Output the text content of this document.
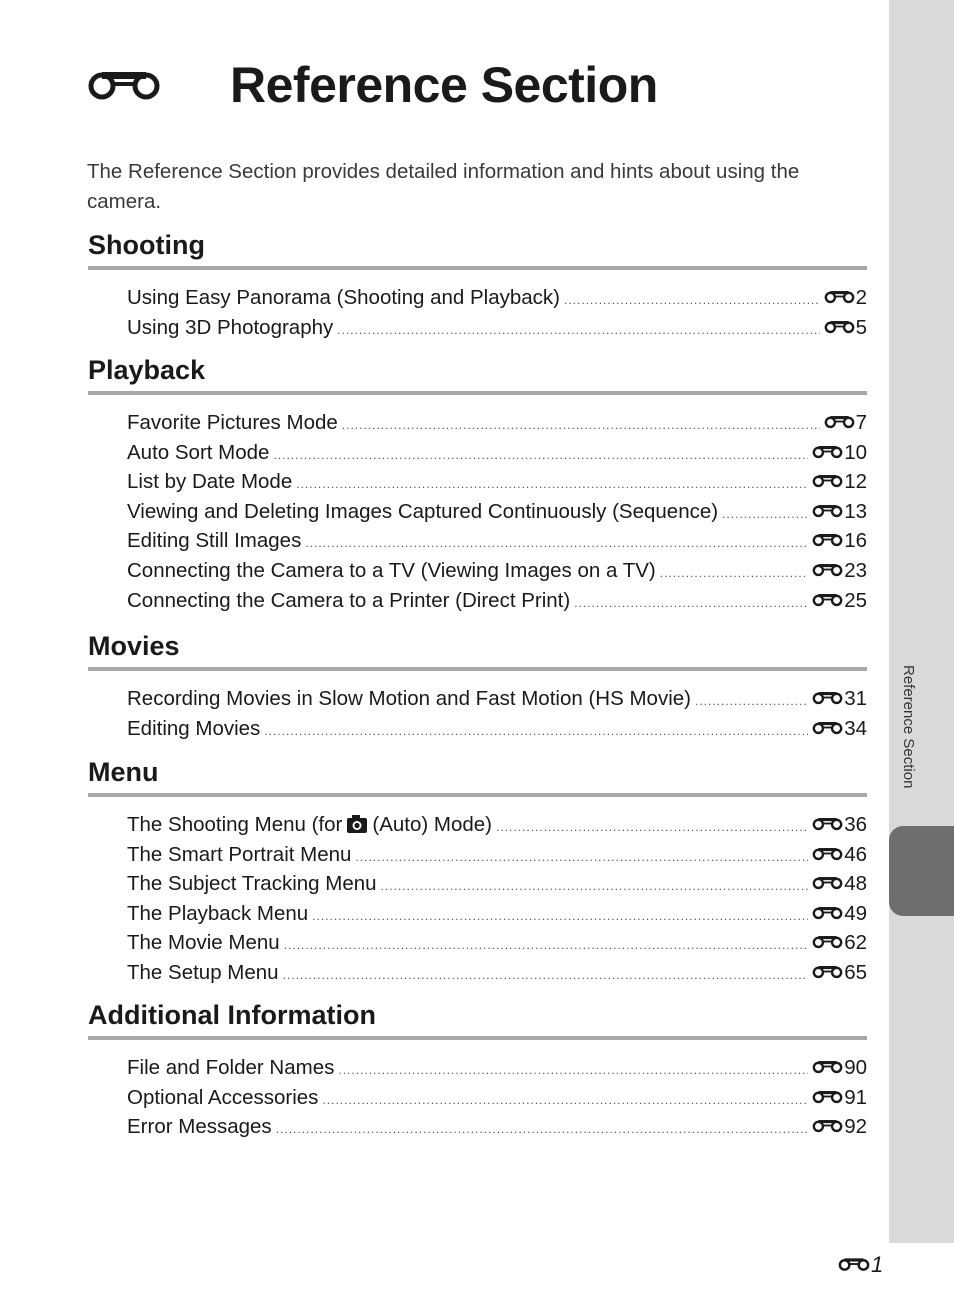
Reference Section
Reference Section
The Reference Section provides detailed information and hints about using the camera.
Shooting
Using Easy Panorama (Shooting and Playback) .....	2
Using 3D Photography .....	5
Playback
Favorite Pictures Mode .....	7
Auto Sort Mode .....	10
List by Date Mode .....	12
Viewing and Deleting Images Captured Continuously (Sequence) .....	13
Editing Still Images .....	16
Connecting the Camera to a TV (Viewing Images on a TV) .....	23
Connecting the Camera to a Printer (Direct Print) .....	25
Movies
Recording Movies in Slow Motion and Fast Motion (HS Movie) .....	31
Editing Movies .....	34
Menu
The Shooting Menu (for (Auto) Mode) .....	36
The Smart Portrait Menu .....	46
The Subject Tracking Menu .....	48
The Playback Menu .....	49
The Movie Menu .....	62
The Setup Menu .....	65
Additional Information
File and Folder Names .....	90
Optional Accessories .....	91
Error Messages .....	92
1
